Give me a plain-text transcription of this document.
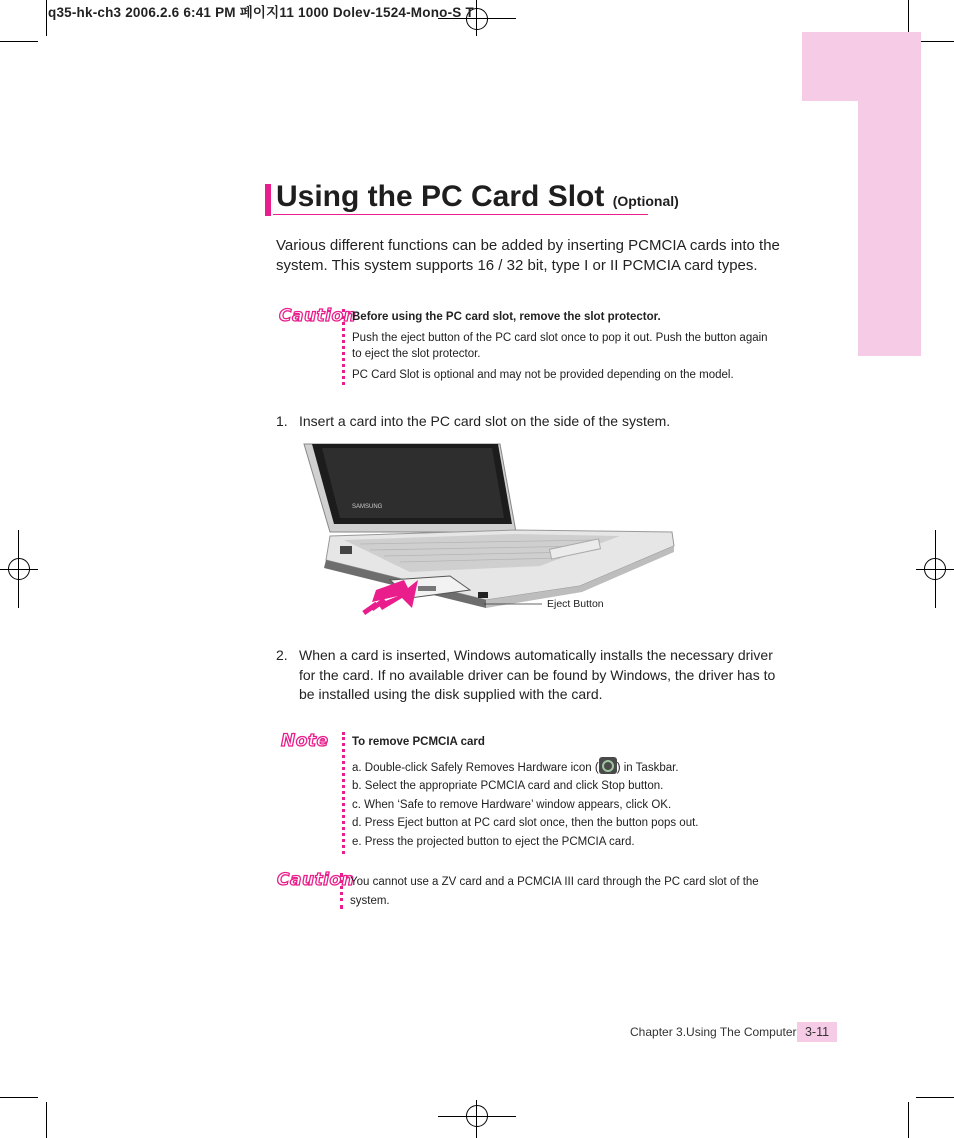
q35-hk-ch3 2006.2.6 6:41 PM 페이지11 1000 Dolev-1524-Mono-S T
Using the PC Card Slot (Optional)
Various different functions can be added by inserting PCMCIA cards into the system. This system supports 16 / 32 bit, type I or II PCMCIA card types.
Caution
Before using the PC card slot, remove the slot protector.
Push the eject button of the PC card slot once to pop it out. Push the button again to eject the slot protector.
PC Card Slot is optional and may not be provided depending on the model.
1. Insert a card into the PC card slot on the side of the system.
SAMSUNG
Eject Button
2. When a card is inserted, Windows automatically installs the necessary driver for the card. If no available driver can be found by Windows, the driver has to be installed using the disk supplied with the card.
Note To remove PCMCIA card
a. Double-click Safely Removes Hardware icon ( ) in Taskbar.
b. Select the appropriate PCMCIA card and click Stop button.
c. When ‘Safe to remove Hardware’ window appears, click OK.
d. Press Eject button at PC card slot once, then the button pops out.
e. Press the projected button to eject the PCMCIA card.
Caution
You cannot use a ZV card and a PCMCIA III card through the PC card slot of the system.
Chapter 3.Using The Computer 3-11
